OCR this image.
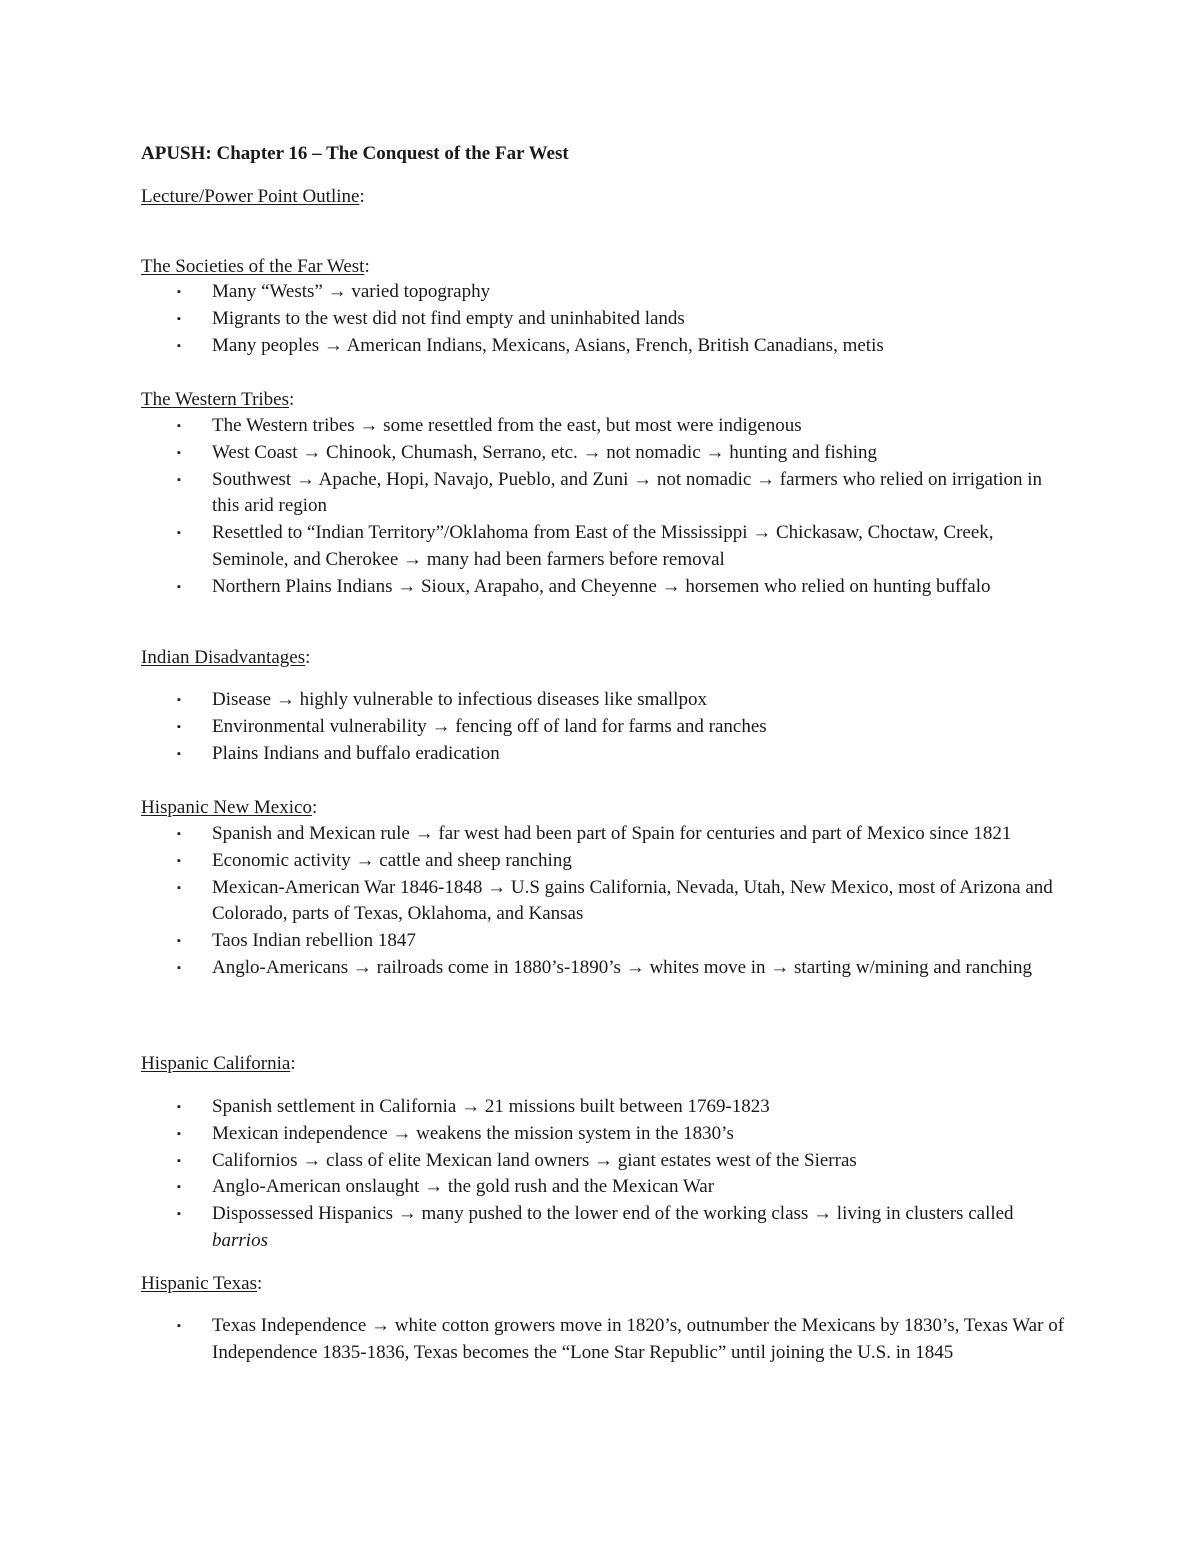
APUSH: Chapter 16 – The Conquest of the Far West
Lecture/Power Point Outline:
The Societies of the Far West:
▪ Many “Wests” → varied topography
▪ Migrants to the west did not find empty and uninhabited lands
▪ Many peoples → American Indians, Mexicans, Asians, French, British Canadians, metis
The Western Tribes:
▪ The Western tribes → some resettled from the east, but most were indigenous
▪ West Coast → Chinook, Chumash, Serrano, etc. → not nomadic → hunting and fishing
▪ Southwest → Apache, Hopi, Navajo, Pueblo, and Zuni → not nomadic → farmers who relied on irrigation in this arid region
▪ Resettled to “Indian Territory”/Oklahoma from East of the Mississippi → Chickasaw, Choctaw, Creek, Seminole, and Cherokee → many had been farmers before removal
▪ Northern Plains Indians → Sioux, Arapaho, and Cheyenne → horsemen who relied on hunting buffalo
Indian Disadvantages:
▪ Disease → highly vulnerable to infectious diseases like smallpox
▪ Environmental vulnerability → fencing off of land for farms and ranches
▪ Plains Indians and buffalo eradication
Hispanic New Mexico:
▪ Spanish and Mexican rule → far west had been part of Spain for centuries and part of Mexico since 1821
▪ Economic activity → cattle and sheep ranching
▪ Mexican-American War 1846-1848 → U.S gains California, Nevada, Utah, New Mexico, most of Arizona and Colorado, parts of Texas, Oklahoma, and Kansas
▪ Taos Indian rebellion 1847
▪ Anglo-Americans → railroads come in 1880’s-1890’s → whites move in → starting w/mining and ranching
Hispanic California:
▪ Spanish settlement in California → 21 missions built between 1769-1823
▪ Mexican independence → weakens the mission system in the 1830’s
▪ Californios → class of elite Mexican land owners → giant estates west of the Sierras
▪ Anglo-American onslaught → the gold rush and the Mexican War
▪ Dispossessed Hispanics → many pushed to the lower end of the working class → living in clusters called barrios
Hispanic Texas:
▪ Texas Independence → white cotton growers move in 1820’s, outnumber the Mexicans by 1830’s, Texas War of Independence 1835-1836, Texas becomes the “Lone Star Republic” until joining the U.S. in 1845
